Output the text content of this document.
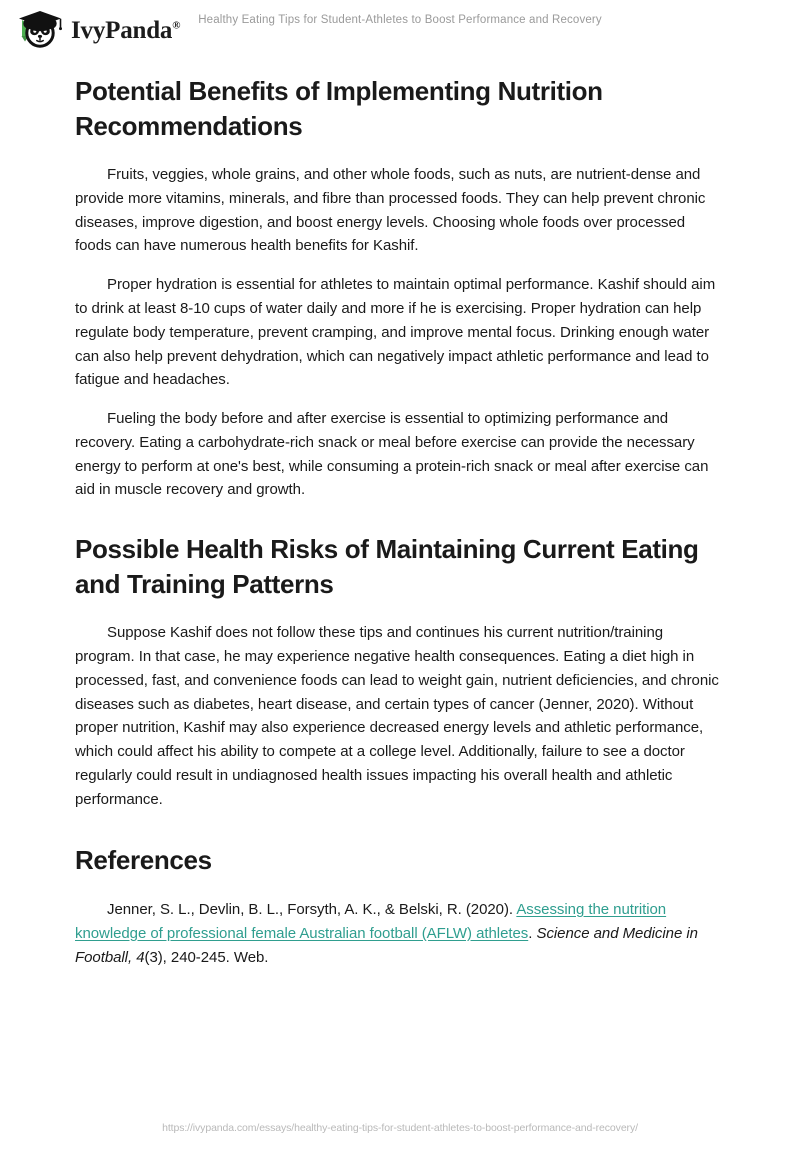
IvyPanda®	Healthy Eating Tips for Student-Athletes to Boost Performance and Recovery
Potential Benefits of Implementing Nutrition Recommendations

Fruits, veggies, whole grains, and other whole foods, such as nuts, are nutrient-dense and provide more vitamins, minerals, and fibre than processed foods. They can help prevent chronic diseases, improve digestion, and boost energy levels. Choosing whole foods over processed foods can have numerous health benefits for Kashif.

Proper hydration is essential for athletes to maintain optimal performance. Kashif should aim to drink at least 8-10 cups of water daily and more if he is exercising. Proper hydration can help regulate body temperature, prevent cramping, and improve mental focus. Drinking enough water can also help prevent dehydration, which can negatively impact athletic performance and lead to fatigue and headaches.

Fueling the body before and after exercise is essential to optimizing performance and recovery. Eating a carbohydrate-rich snack or meal before exercise can provide the necessary energy to perform at one's best, while consuming a protein-rich snack or meal after exercise can aid in muscle recovery and growth.

Possible Health Risks of Maintaining Current Eating and Training Patterns

Suppose Kashif does not follow these tips and continues his current nutrition/training program. In that case, he may experience negative health consequences. Eating a diet high in processed, fast, and convenience foods can lead to weight gain, nutrient deficiencies, and chronic diseases such as diabetes, heart disease, and certain types of cancer (Jenner, 2020). Without proper nutrition, Kashif may also experience decreased energy levels and athletic performance, which could affect his ability to compete at a college level. Additionally, failure to see a doctor regularly could result in undiagnosed health issues impacting his overall health and athletic performance.

References

Jenner, S. L., Devlin, B. L., Forsyth, A. K., & Belski, R. (2020). Assessing the nutrition knowledge of professional female Australian football (AFLW) athletes. Science and Medicine in Football, 4(3), 240-245. Web.

https://ivypanda.com/essays/healthy-eating-tips-for-student-athletes-to-boost-performance-and-recovery/
